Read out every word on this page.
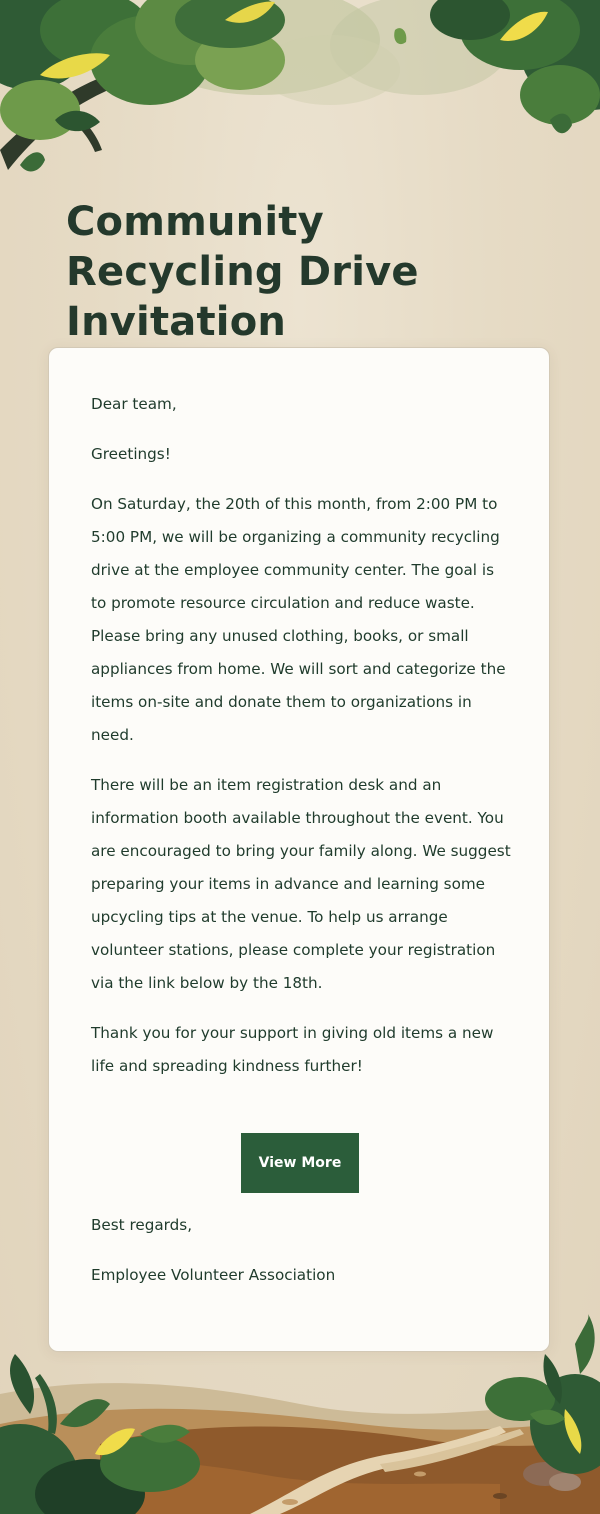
Community Recycling Drive Invitation

Dear team,

Greetings!

On Saturday, the 20th of this month, from 2:00 PM to 5:00 PM, we will be organizing a community recycling drive at the employee community center. The goal is to promote resource circulation and reduce waste. Please bring any unused clothing, books, or small appliances from home. We will sort and categorize the items on-site and donate them to organizations in need.

There will be an item registration desk and an information booth available throughout the event. You are encouraged to bring your family along. We suggest preparing your items in advance and learning some upcycling tips at the venue. To help us arrange volunteer stations, please complete your registration via the link below by the 18th.

Thank you for your support in giving old items a new life and spreading kindness further!

View More

Best regards,

Employee Volunteer Association
